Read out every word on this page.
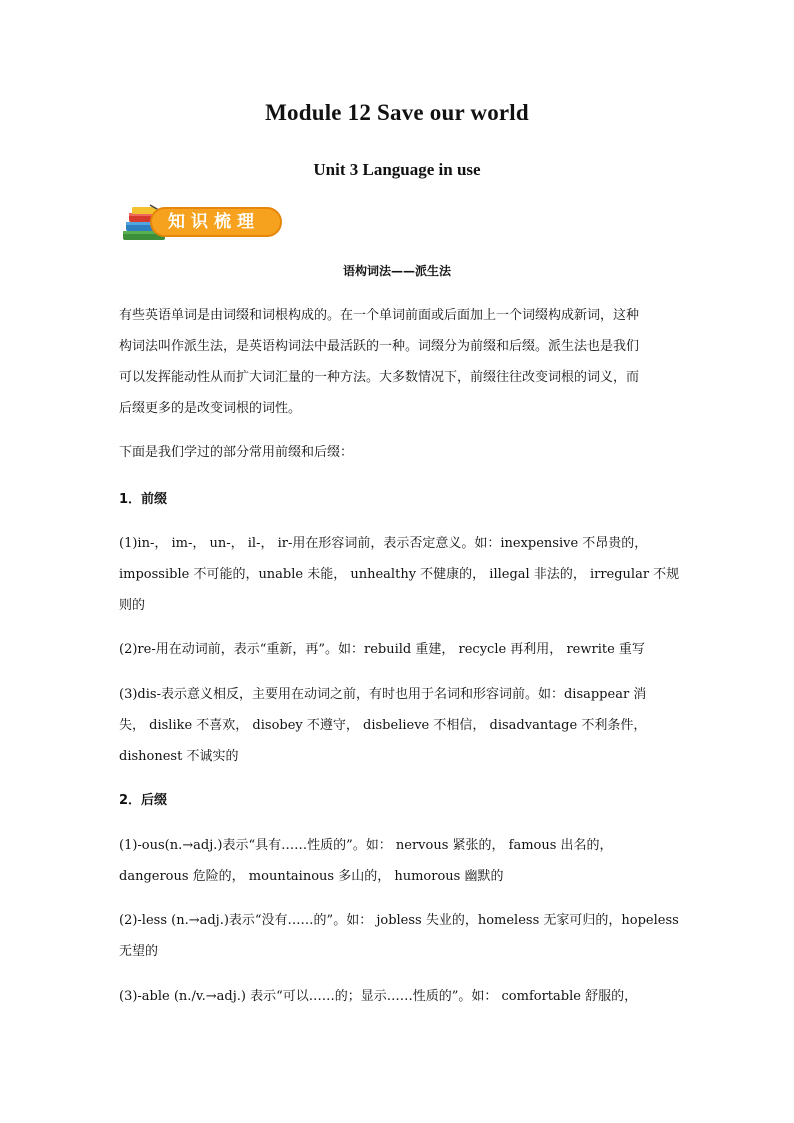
Module 12 Save our world
Unit 3 Language in use
知识梳理
语构词法——派生法
有些英语单词是由词缀和词根构成的。在一个单词前面或后面加上一个词缀构成新词，这种
构词法叫作派生法，是英语构词法中最活跃的一种。词缀分为前缀和后缀。派生法也是我们
可以发挥能动性从而扩大词汇量的一种方法。大多数情况下，前缀往往改变词根的词义，而
后缀更多的是改变词根的词性。
下面是我们学过的部分常用前缀和后缀：
1．前缀
(1)in-， im-， un-， il-， ir-用在形容词前，表示否定意义。如：inexpensive 不昂贵的，
impossible 不可能的，unable 未能， unhealthy 不健康的， illegal 非法的， irregular 不规
则的
(2)re-用在动词前，表示“重新，再”。如：rebuild 重建， recycle 再利用， rewrite 重写
(3)dis-表示意义相反，主要用在动词之前，有时也用于名词和形容词前。如：disappear 消
失， dislike 不喜欢， disobey 不遵守， disbelieve 不相信， disadvantage 不利条件，
dishonest 不诚实的
2．后缀
(1)-ous(n.→adj.)表示“具有……性质的”。如： nervous 紧张的， famous 出名的，
dangerous 危险的， mountainous 多山的， humorous 幽默的
(2)-less (n.→adj.)表示“没有……的”。如： jobless 失业的，homeless 无家可归的，hopeless
无望的
(3)-able (n./v.→adj.) 表示“可以……的；显示……性质的”。如： comfortable 舒服的，
